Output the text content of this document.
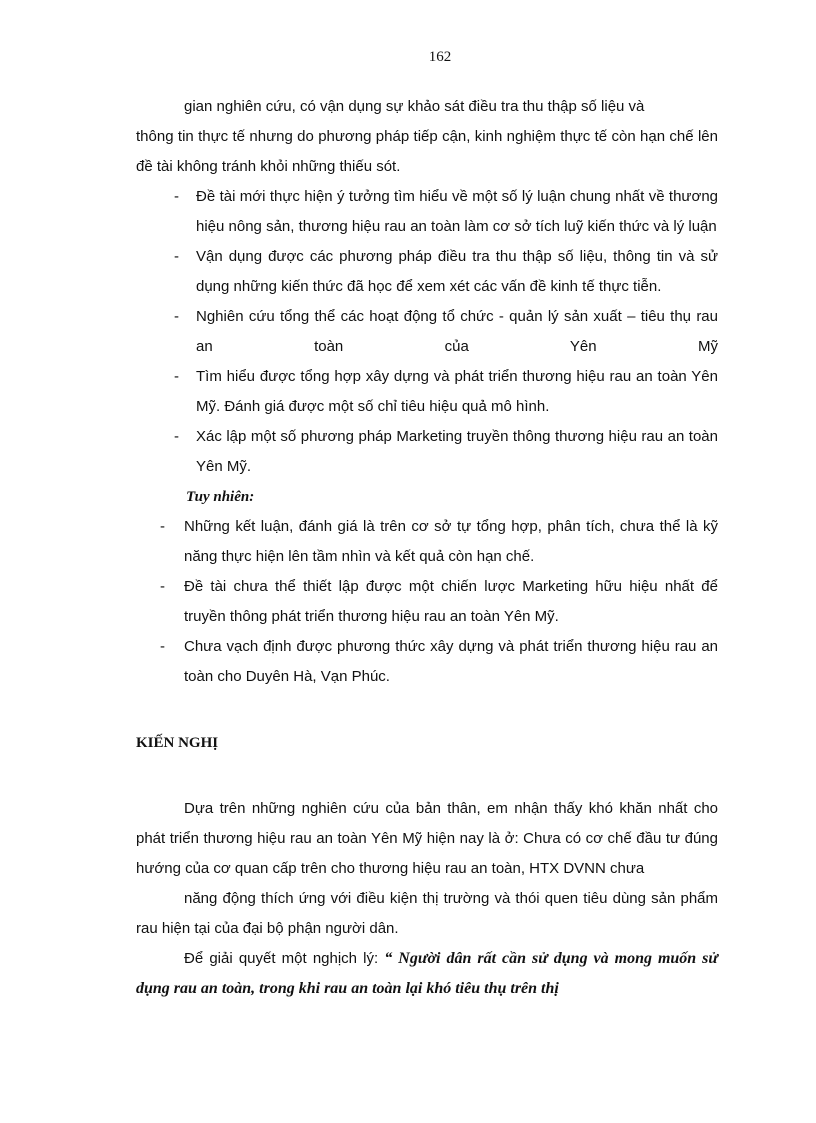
162

gian nghiên cứu, có vận dụng sự khảo sát điều tra thu thập số liệu và

thông tin thực tế nhưng do phương pháp tiếp cận, kinh nghiệm thực tế còn hạn chế lên đề tài không tránh khỏi những thiếu sót.

- Đề tài mới thực hiện ý tưởng tìm hiểu về một số lý luận chung nhất về thương hiệu nông sản, thương hiệu rau an toàn làm cơ sở tích luỹ kiến thức và lý luận

- Vận dụng được các phương pháp điều tra thu thập số liệu, thông tin và sử dụng những kiến thức đã học để xem xét các vấn đề kinh tế thực tiễn.

- Nghiên cứu tổng thể các hoạt động tổ chức - quản lý sản xuất – tiêu thụ rau an toàn của Yên Mỹ

- Tìm hiểu được tổng hợp xây dựng và phát triển thương hiệu rau an toàn Yên Mỹ. Đánh giá được một số chỉ tiêu hiệu quả mô hình.

- Xác lập một số phương pháp Marketing truyền thông thương hiệu rau an toàn Yên Mỹ.

Tuy nhiên:

- Những kết luận, đánh giá là trên cơ sở tự tổng hợp, phân tích, chưa thể là kỹ năng thực hiện lên tầm nhìn và kết quả còn hạn chế.

- Đề tài chưa thể thiết lập được một chiến lược Marketing hữu hiệu nhất để truyền thông phát triển thương hiệu rau an toàn Yên Mỹ.

- Chưa vạch định được phương thức xây dựng và phát triển thương hiệu rau an toàn cho Duyên Hà, Vạn Phúc.

KIẾN NGHỊ

Dựa trên những nghiên cứu của bản thân, em nhận thấy khó khăn nhất cho phát triển thương hiệu rau an toàn Yên Mỹ hiện nay là ở: Chưa có cơ chế đầu tư đúng hướng của cơ quan cấp trên cho thương hiệu rau an toàn, HTX DVNN chưa

năng động thích ứng với điều kiện thị trường và thói quen tiêu dùng sản phẩm rau hiện tại của đại bộ phận người dân.

Để giải quyết một nghịch lý: “ Người dân rất cần sử dụng và mong muốn sử dụng rau an toàn, trong khi rau an toàn lại khó tiêu thụ trên thị
